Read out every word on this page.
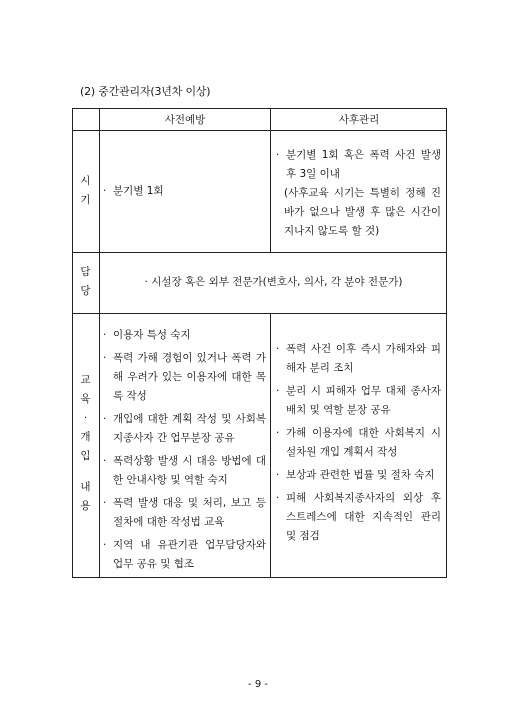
(2) 중간관리자(3년차 이상)
사전예방	사후관리
시
기
· 분기별 1회
· 분기별 1회 혹은 폭력 사건 발생 후 3일 이내
(사후교육 시기는 특별히 정해 진바가 없으나 발생 후 많은 시간이 지나지 않도록 할 것)
담
당
· 시설장 혹은 외부 전문가(변호사, 의사, 각 분야 전문가)
교
육
·
개
입
내
용
· 이용자 특성 숙지
· 폭력 가해 경험이 있거나 폭력 가해 우려가 있는 이용자에 대한 목록 작성
· 개입에 대한 계획 작성 및 사회복지종사자 간 업무분장 공유
· 폭력상황 발생 시 대응 방법에 대한 안내사항 및 역할 숙지
· 폭력 발생 대응 및 처리, 보고 등 절차에 대한 작성법 교육
· 지역 내 유관기관 업무담당자와 업무 공유 및 협조
· 폭력 사건 이후 즉시 가해자와 피해자 분리 조치
· 분리 시 피해자 업무 대체 종사자 배치 및 역할 분장 공유
· 가해 이용자에 대한 사회복지 시설차원 개입 계획서 작성
· 보상과 관련한 법률 및 절차 숙지
· 피해 사회복지종사자의 외상 후 스트레스에 대한 지속적인 관리 및 점검
- 9 -
